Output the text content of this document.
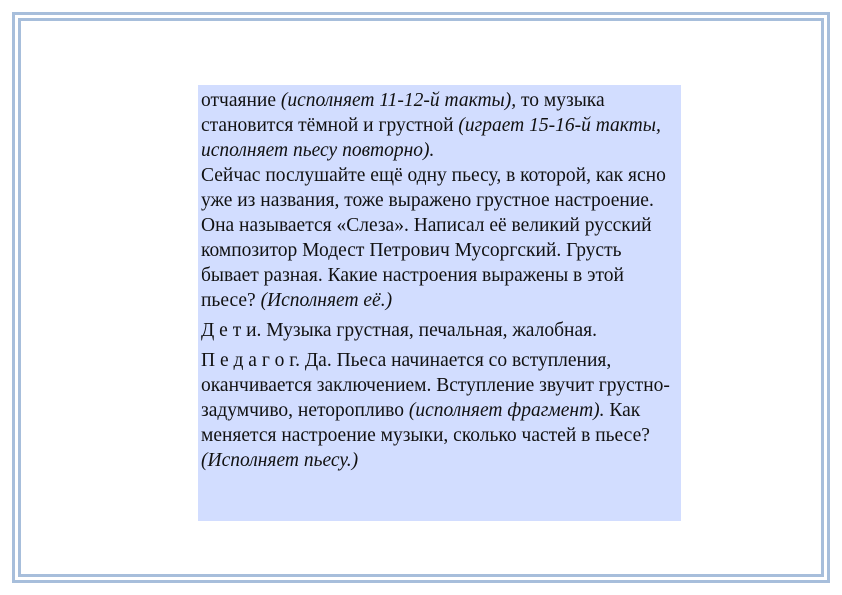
отчаяние (исполняет 11-12-й такты), то музыка становится тёмной и грустной (играет 15-16-й такты, исполняет пьесу повторно).

Сейчас послушайте ещё одну пьесу, в которой, как ясно уже из названия, тоже выражено грустное настроение. Она называется «Слеза». Написал её великий русский композитор Модест Петрович Мусоргский. Грусть бывает разная. Какие настроения выражены в этой пьесе? (Исполняет её.)

Д е т и. Музыка грустная, печальная, жалобная.

П е д а г о г. Да. Пьеса начинается со вступления, оканчивается заключением. Вступление звучит грустно-задумчиво, неторопливо (исполняет фрагмент). Как меняется настроение музыки, сколько частей в пьесе? (Исполняет пьесу.)
